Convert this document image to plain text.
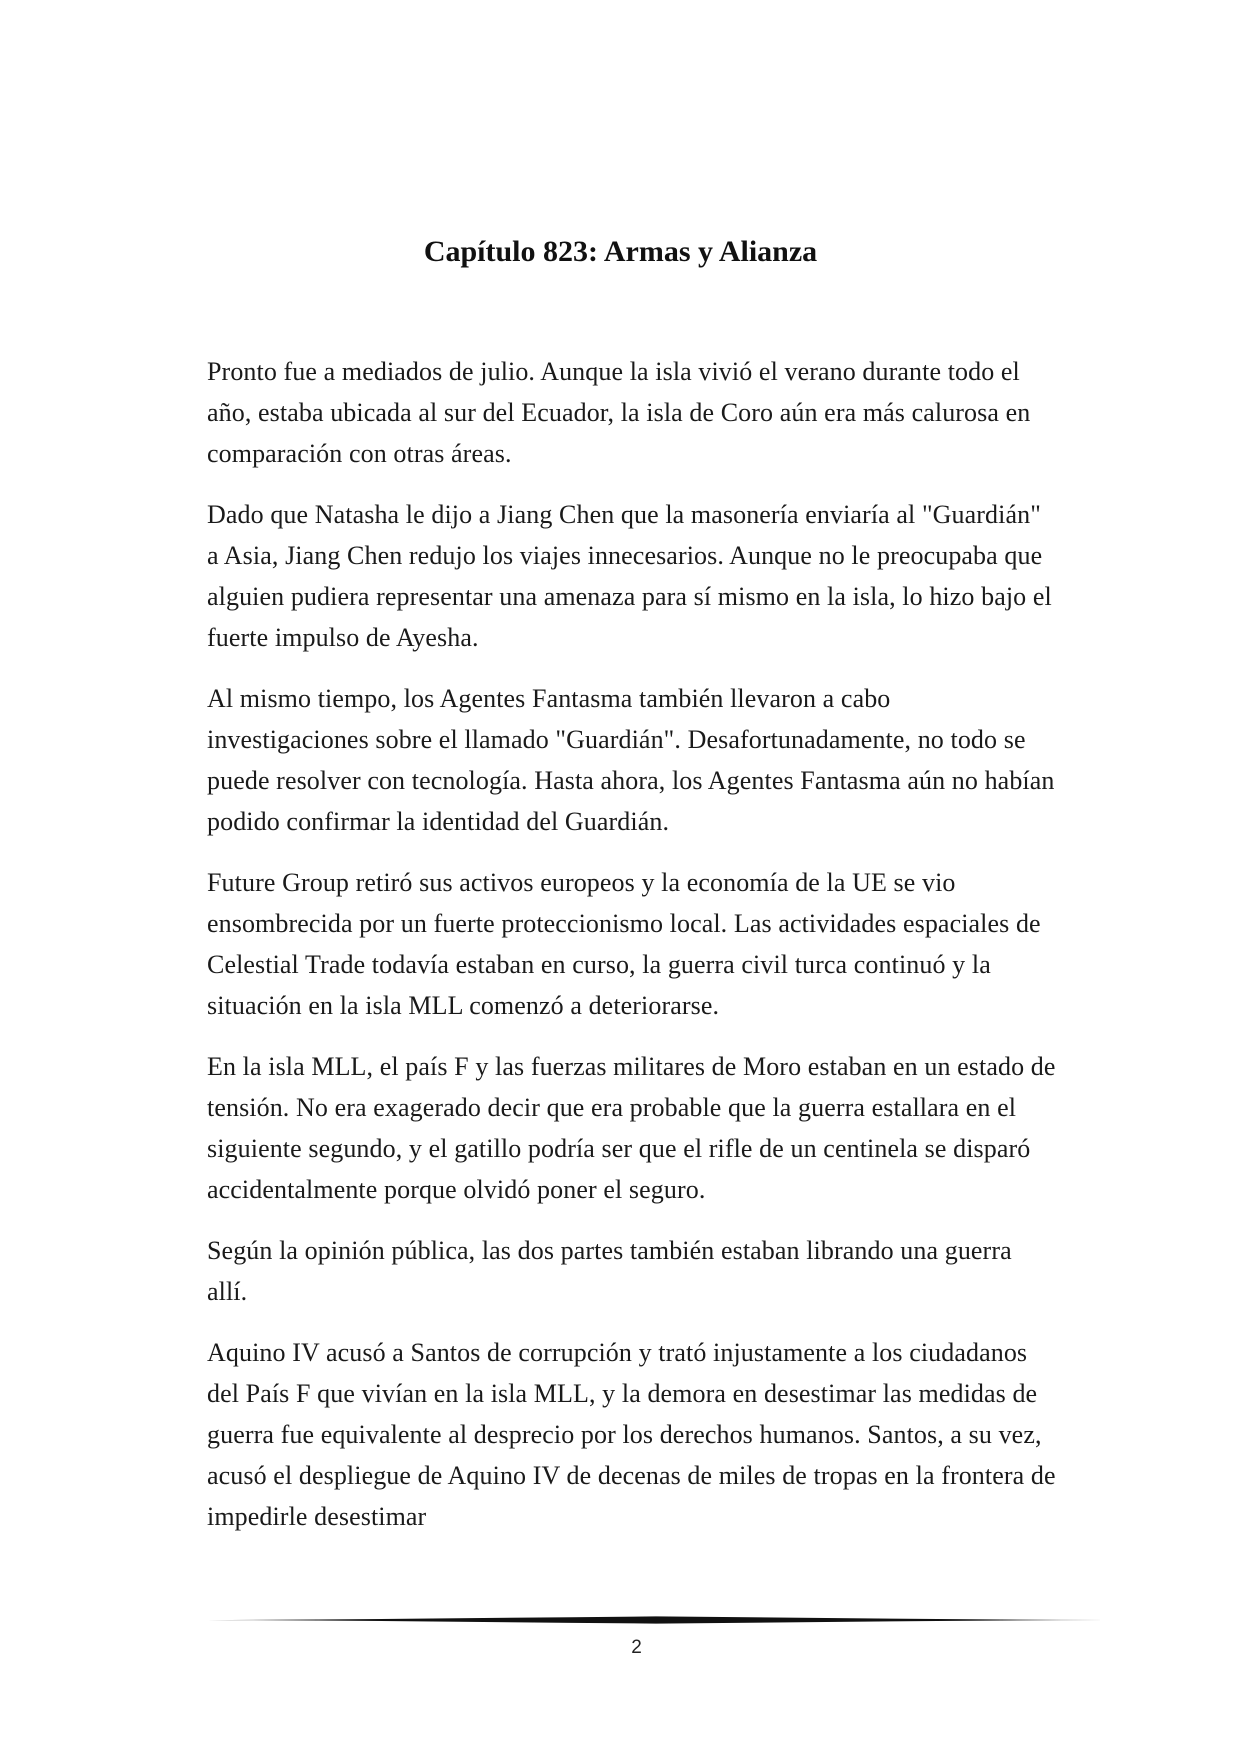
Capítulo 823: Armas y Alianza

Pronto fue a mediados de julio. Aunque la isla vivió el verano durante todo el año, estaba ubicada al sur del Ecuador, la isla de Coro aún era más calurosa en comparación con otras áreas.

Dado que Natasha le dijo a Jiang Chen que la masonería enviaría al "Guardián" a Asia, Jiang Chen redujo los viajes innecesarios. Aunque no le preocupaba que alguien pudiera representar una amenaza para sí mismo en la isla, lo hizo bajo el fuerte impulso de Ayesha.

Al mismo tiempo, los Agentes Fantasma también llevaron a cabo investigaciones sobre el llamado "Guardián". Desafortunadamente, no todo se puede resolver con tecnología. Hasta ahora, los Agentes Fantasma aún no habían podido confirmar la identidad del Guardián.

Future Group retiró sus activos europeos y la economía de la UE se vio ensombrecida por un fuerte proteccionismo local. Las actividades espaciales de Celestial Trade todavía estaban en curso, la guerra civil turca continuó y la situación en la isla MLL comenzó a deteriorarse.

En la isla MLL, el país F y las fuerzas militares de Moro estaban en un estado de tensión. No era exagerado decir que era probable que la guerra estallara en el siguiente segundo, y el gatillo podría ser que el rifle de un centinela se disparó accidentalmente porque olvidó poner el seguro.

Según la opinión pública, las dos partes también estaban librando una guerra allí.

Aquino IV acusó a Santos de corrupción y trató injustamente a los ciudadanos del País F que vivían en la isla MLL, y la demora en desestimar las medidas de guerra fue equivalente al desprecio por los derechos humanos. Santos, a su vez, acusó el despliegue de Aquino IV de decenas de miles de tropas en la frontera de impedirle desestimar

2
